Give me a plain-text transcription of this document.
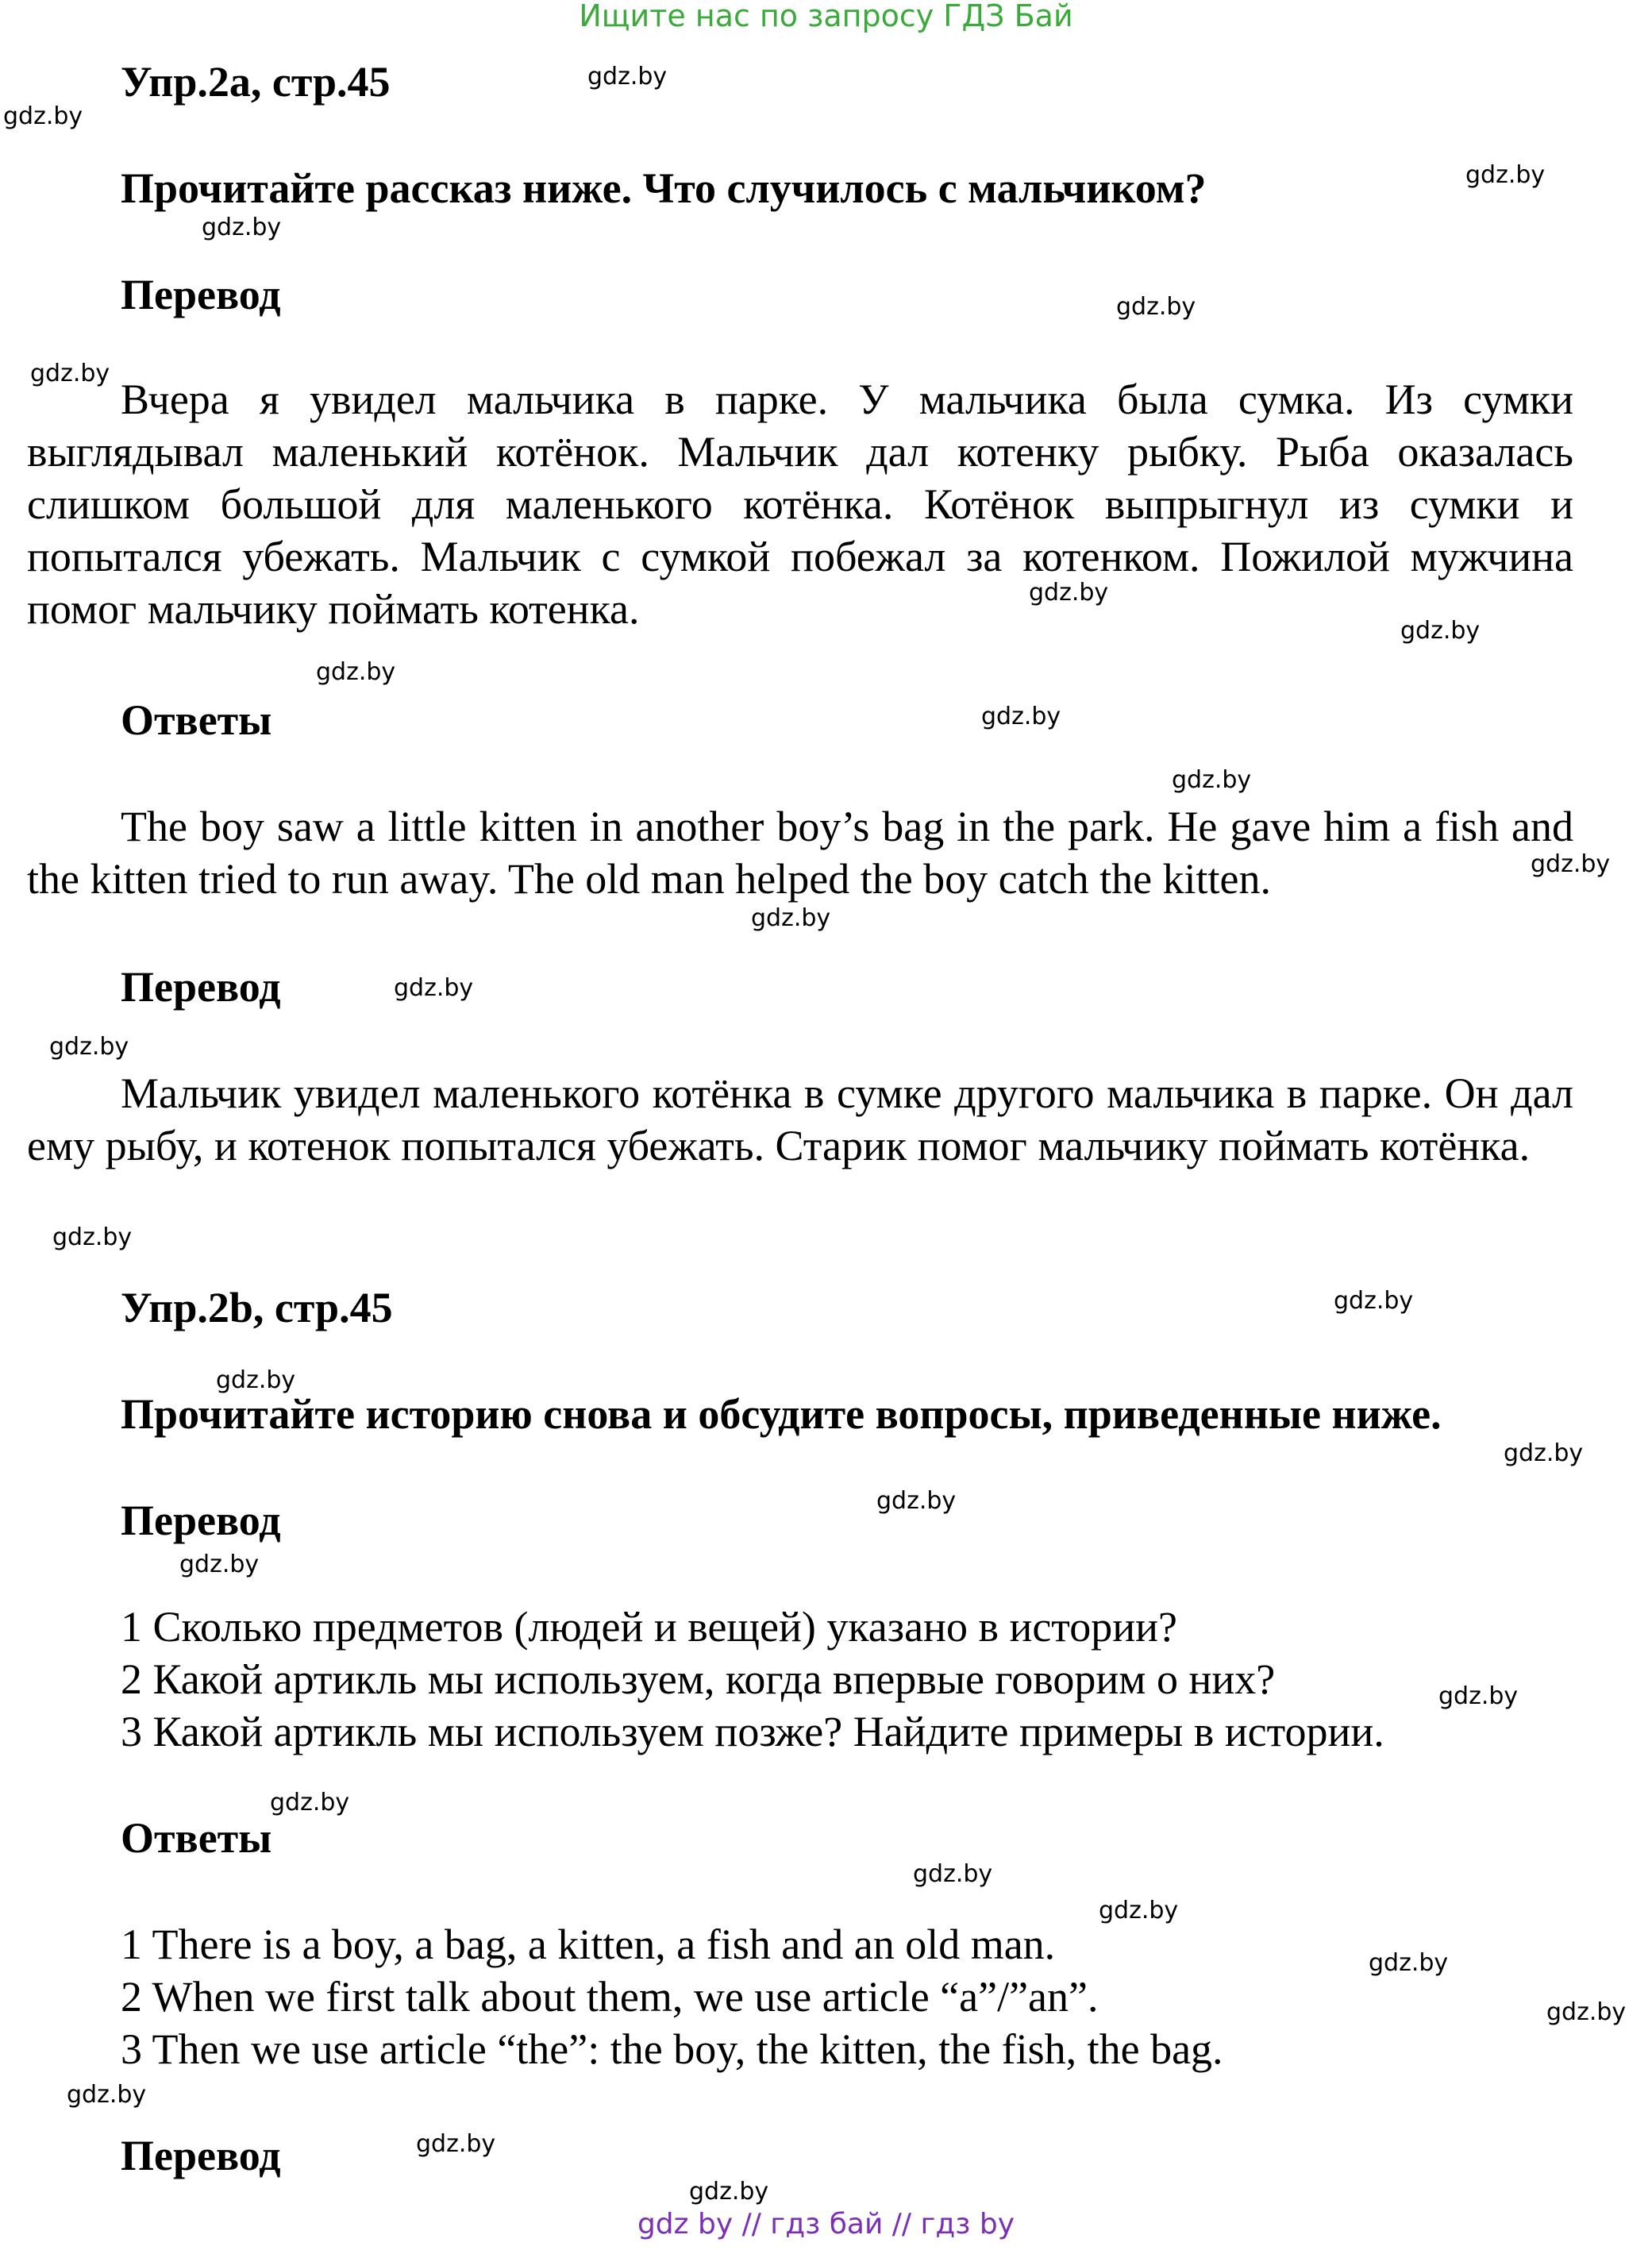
Ищите нас по запросу ГДЗ Бай
Упр.2а, стр.45
Прочитайте рассказ ниже. Что случилось с мальчиком?
Перевод
Вчера я увидел мальчика в парке. У мальчика была сумка. Из сумки выглядывал маленький котёнок. Мальчик дал котенку рыбку. Рыба оказалась слишком большой для маленького котёнка. Котёнок выпрыгнул из сумки и попытался убежать. Мальчик с сумкой побежал за котенком. Пожилой мужчина помог мальчику поймать котенка.
Ответы
The boy saw a little kitten in another boy’s bag in the park. He gave him a fish and the kitten tried to run away. The old man helped the boy catch the kitten.
Перевод
Мальчик увидел маленького котёнка в сумке другого мальчика в парке. Он дал ему рыбу, и котенок попытался убежать. Старик помог мальчику поймать котёнка.
Упр.2b, стр.45
Прочитайте историю снова и обсудите вопросы, приведенные ниже.
Перевод
1 Сколько предметов (людей и вещей) указано в истории?
2 Какой артикль мы используем, когда впервые говорим о них?
3 Какой артикль мы используем позже? Найдите примеры в истории.
Ответы
1 There is a boy, a bag, a kitten, a fish and an old man.
2 When we first talk about them, we use article “a”/”an”.
3 Then we use article “the”: the boy, the kitten, the fish, the bag.
Перевод
gdz.by
gdz.by
gdz.by
gdz.by
gdz.by
gdz.by
gdz.by
gdz.by
gdz.by
gdz.by
gdz.by
gdz.by
gdz.by
gdz.by
gdz.by
gdz.by
gdz.by
gdz.by
gdz.by
gdz.by
gdz.by
gdz.by
gdz.by
gdz.by
gdz.by
gdz.by
gdz.by
gdz.by
gdz.by
gdz.by
gdz by // гдз бай // гдз by
